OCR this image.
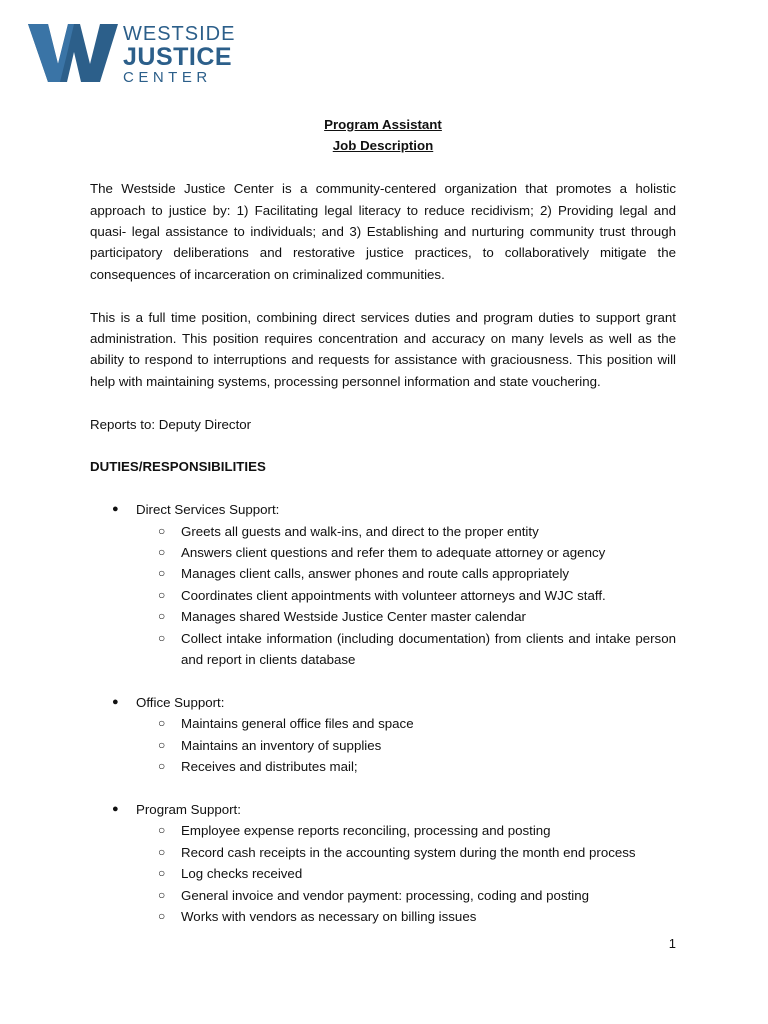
WESTSIDE
JUSTICE
CENTER
Program Assistant
Job Description

The Westside Justice Center is a community-centered organization that promotes a holistic approach to justice by: 1) Facilitating legal literacy to reduce recidivism; 2) Providing legal and quasi- legal assistance to individuals; and 3) Establishing and nurturing community trust through participatory deliberations and restorative justice practices, to collaboratively mitigate the consequences of incarceration on criminalized communities.

This is a full time position, combining direct services duties and program duties to support grant administration. This position requires concentration and accuracy on many levels as well as the ability to respond to interruptions and requests for assistance with graciousness. This position will help with maintaining systems, processing personnel information and state vouchering.

Reports to: Deputy Director

DUTIES/RESPONSIBILITIES

● Direct Services Support:
○ Greets all guests and walk-ins, and direct to the proper entity
○ Answers client questions and refer them to adequate attorney or agency
○ Manages client calls, answer phones and route calls appropriately
○ Coordinates client appointments with volunteer attorneys and WJC staff.
○ Manages shared Westside Justice Center master calendar
○ Collect intake information (including documentation) from clients and intake person and report in clients database
● Office Support:
○ Maintains general office files and space
○ Maintains an inventory of supplies
○ Receives and distributes mail;
● Program Support:
○ Employee expense reports reconciling, processing and posting
○ Record cash receipts in the accounting system during the month end process
○ Log checks received
○ General invoice and vendor payment: processing, coding and posting
○ Works with vendors as necessary on billing issues
1
